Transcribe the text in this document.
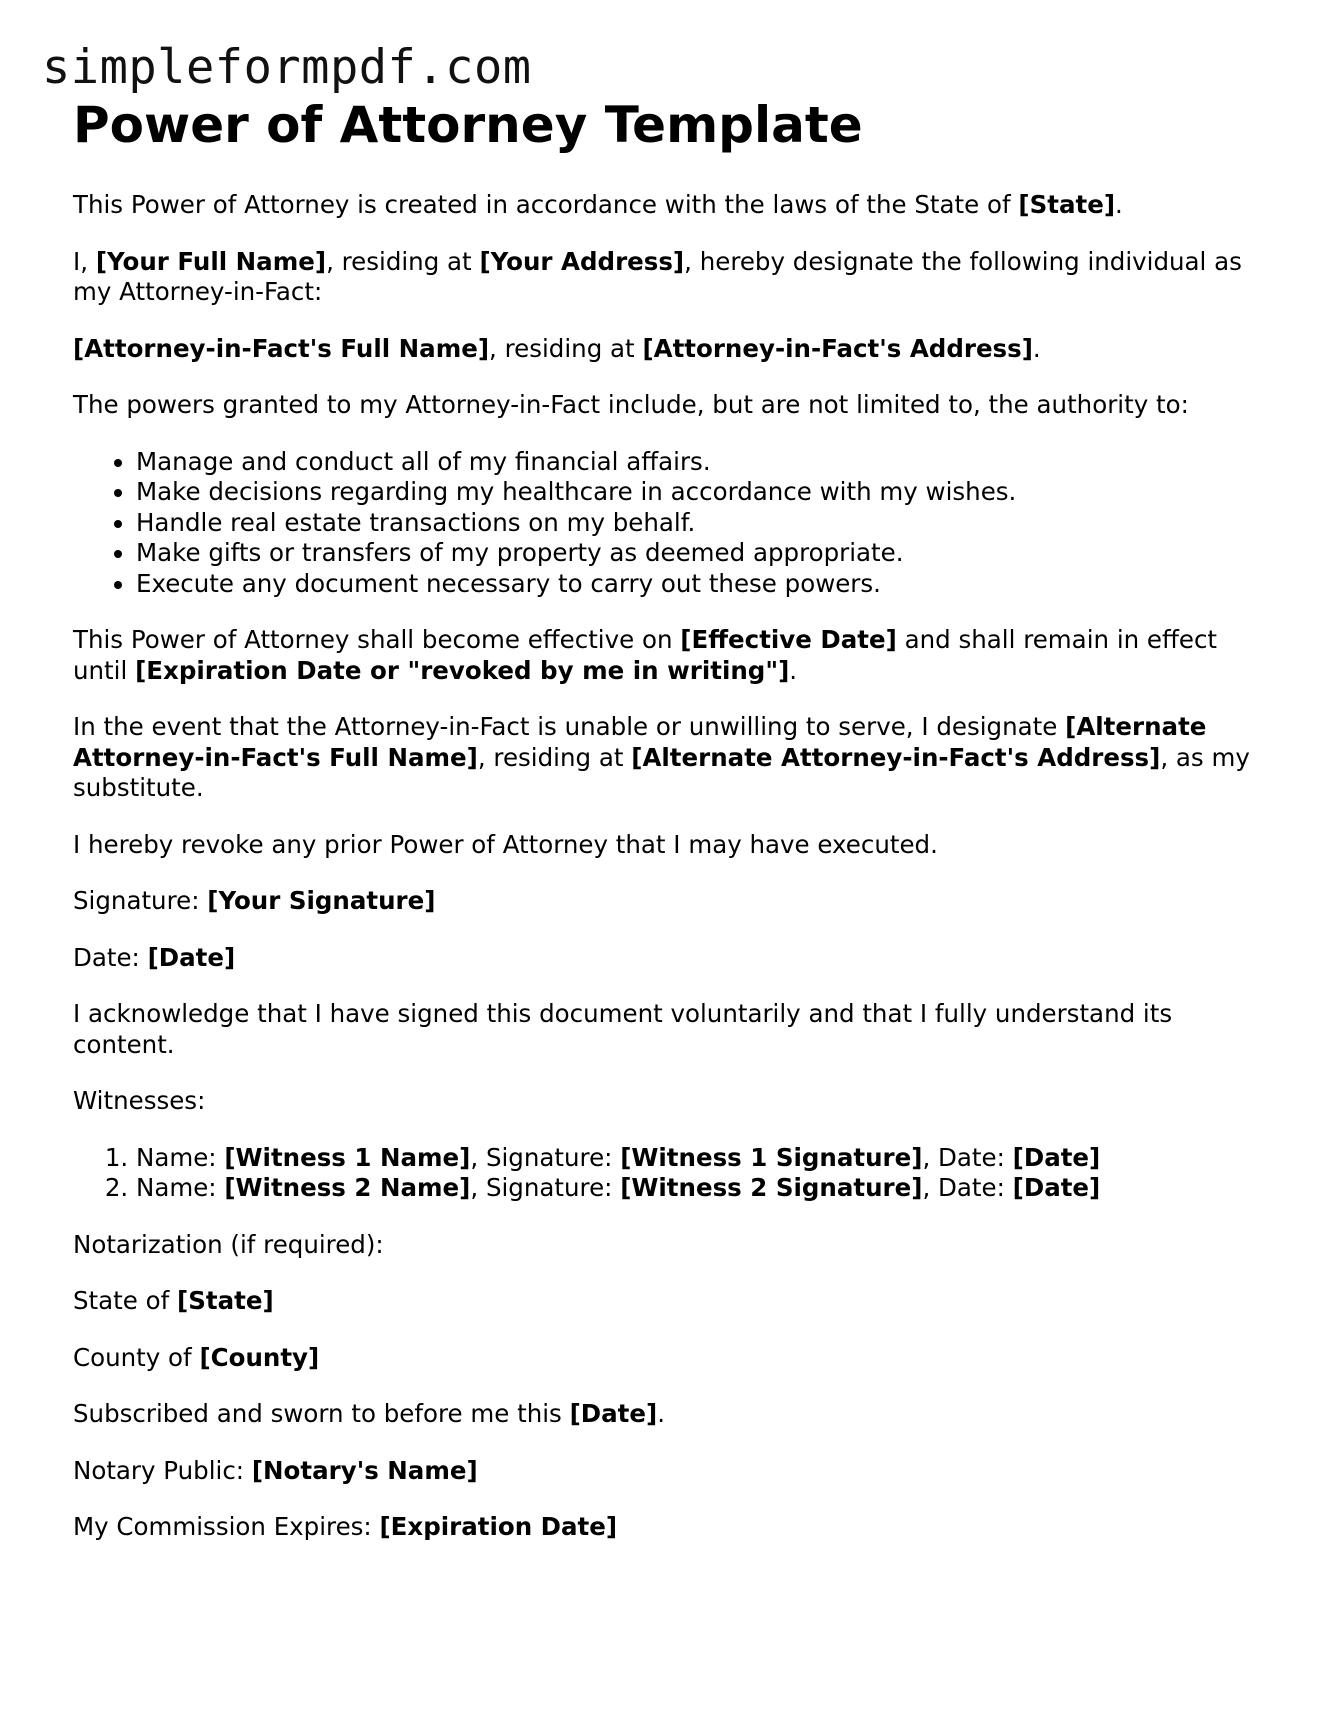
simpleformpdf.com
Power of Attorney Template

This Power of Attorney is created in accordance with the laws of the State of [State].

I, [Your Full Name], residing at [Your Address], hereby designate the following individual as my Attorney-in-Fact:

[Attorney-in-Fact's Full Name], residing at [Attorney-in-Fact's Address].

The powers granted to my Attorney-in-Fact include, but are not limited to, the authority to:

• Manage and conduct all of my financial affairs.
• Make decisions regarding my healthcare in accordance with my wishes.
• Handle real estate transactions on my behalf.
• Make gifts or transfers of my property as deemed appropriate.
• Execute any document necessary to carry out these powers.

This Power of Attorney shall become effective on [Effective Date] and shall remain in effect until [Expiration Date or "revoked by me in writing"].

In the event that the Attorney-in-Fact is unable or unwilling to serve, I designate [Alternate Attorney-in-Fact's Full Name], residing at [Alternate Attorney-in-Fact's Address], as my substitute.

I hereby revoke any prior Power of Attorney that I may have executed.

Signature: [Your Signature]

Date: [Date]

I acknowledge that I have signed this document voluntarily and that I fully understand its content.

Witnesses:

1. Name: [Witness 1 Name], Signature: [Witness 1 Signature], Date: [Date]
2. Name: [Witness 2 Name], Signature: [Witness 2 Signature], Date: [Date]

Notarization (if required):

State of [State]

County of [County]

Subscribed and sworn to before me this [Date].

Notary Public: [Notary's Name]

My Commission Expires: [Expiration Date]
